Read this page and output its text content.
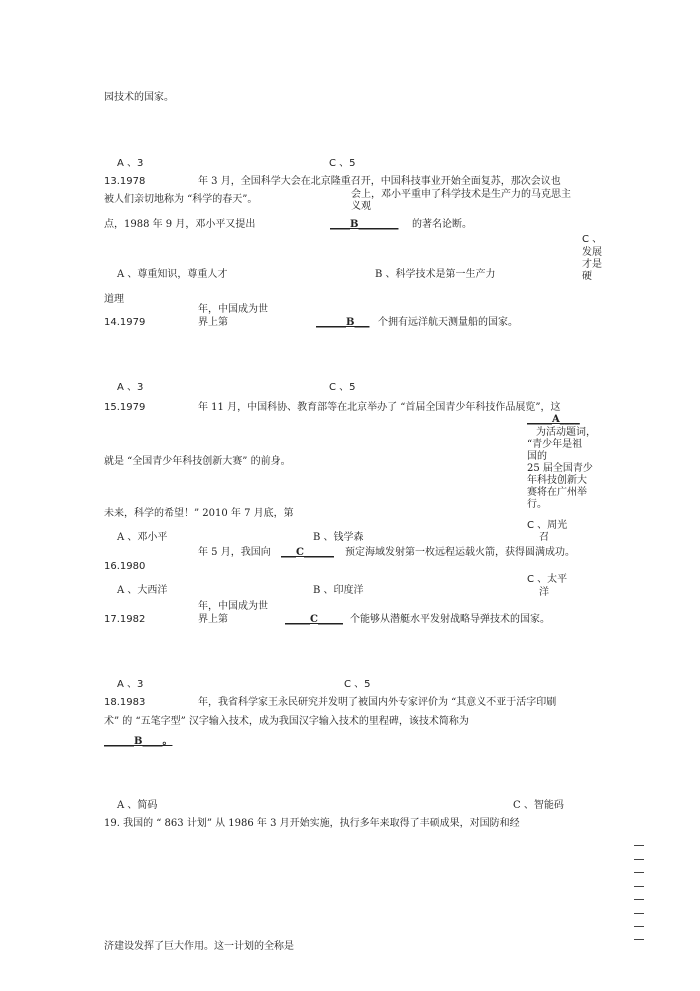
园技术的国家。
A 、3	C 、5
13.1978	年 3 月，全国科学大会在北京隆重召开，中国科技事业开始全面复苏，那次会议也
会上，邓小平重申了科学技术是生产力的马克思主
被人们亲切地称为 “科学的春天”。
义观
点，1988 年 9 月，邓小平又提出	____B________ 的著名论断。
C 、
发展
才是
硬
A 、尊重知识，尊重人才	B 、科学技术是第一生产力
道理
年，中国成为世
14.1979	界上第	______B___ 个拥有远洋航天测量船的国家。
A 、3	C 、5
15.1979	年 11 月，中国科协、教育部等在北京举办了 “首届全国青少年科技作品展览”，这
_____A____
为活动题词，
“青少年是祖
国的
就是 “全国青少年科技创新大赛” 的前身。
25 届全国青少
年科技创新大
赛将在广州举
行。
未来，科学的希望！” 2010 年 7 月底，第
C 、周光
召
A 、邓小平	B 、钱学森
年 5 月，我国向 ___C______ 预定海域发射第一枚远程运载火箭，获得圆满成功。
16.1980
C 、太平
洋
A 、大西洋	B 、印度洋
年，中国成为世
17.1982	界上第	_____C_____ 个能够从潜艇水平发射战略导弹技术的国家。
A 、3	C 、5
18.1983	年，我省科学家王永民研究并发明了被国内外专家评价为 “其意义不亚于活字印刷
术” 的 “五笔字型” 汉字输入技术，成为我国汉字输入技术的里程碑，该技术简称为
______B____。
A 、简码	C 、智能码
19. 我国的 “ 863 计划” 从 1986 年 3 月开始实施，执行多年来取得了丰硕成果，对国防和经
济建设发挥了巨大作用。这一计划的全称是
